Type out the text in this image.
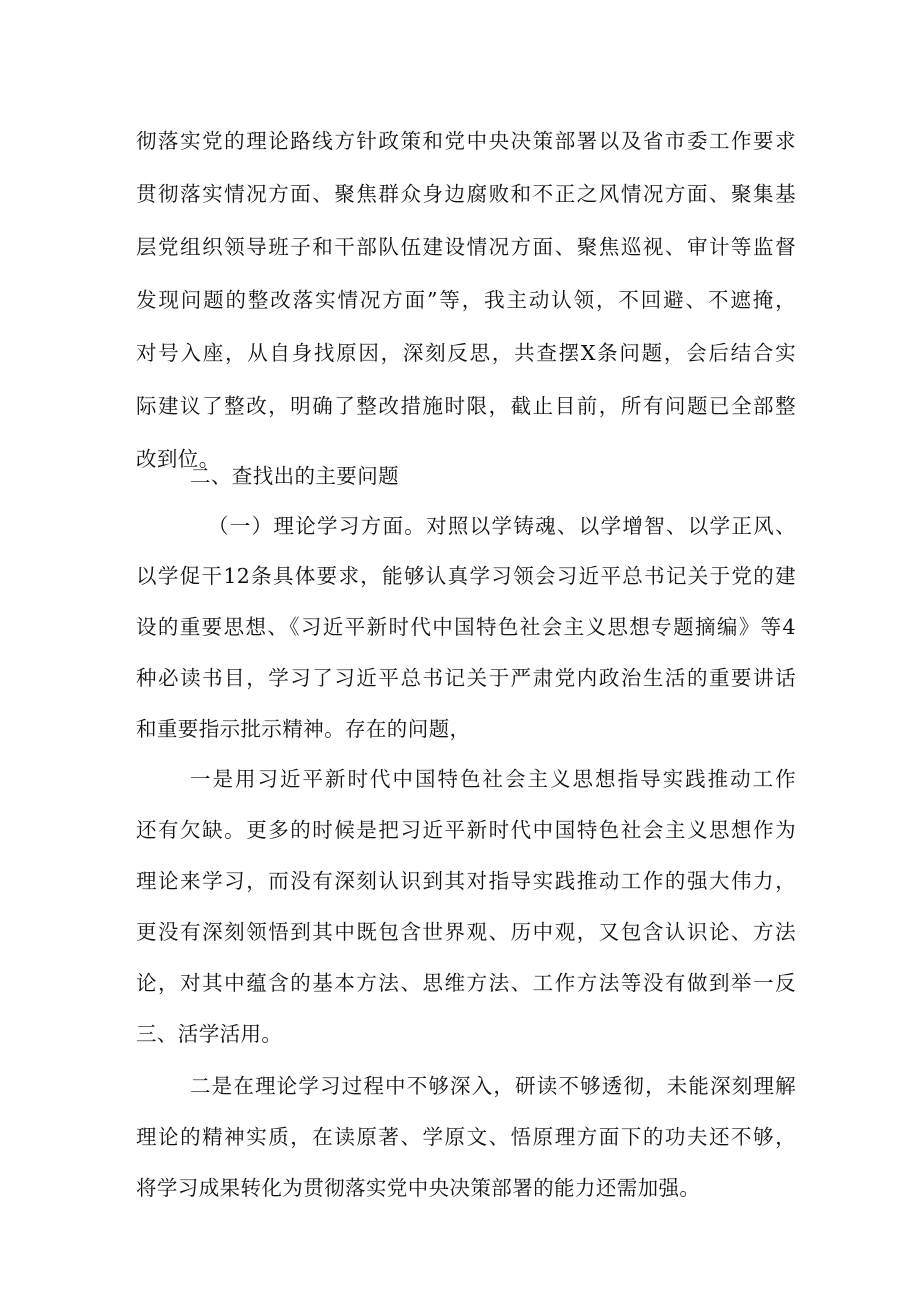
彻落实党的理论路线方针政策和党中央决策部署以及省市委工作要求
贯彻落实情况方面、聚焦群众身边腐败和不正之风情况方面、聚集基
层党组织领导班子和干部队伍建设情况方面、聚焦巡视、审计等监督
发现问题的整改落实情况方面”等，我主动认领，不回避、不遮掩，
对号入座，从自身找原因，深刻反思，共查摆X条问题，会后结合实
际建议了整改，明确了整改措施时限，截止目前，所有问题已全部整
改到位。
二、查找出的主要问题
（一）理论学习方面。对照以学铸魂、以学增智、以学正风、
以学促干12条具体要求，能够认真学习领会习近平总书记关于党的建
设的重要思想、《习近平新时代中国特色社会主义思想专题摘编》等4
种必读书目，学习了习近平总书记关于严肃党内政治生活的重要讲话
和重要指示批示精神。存在的问题，
一是用习近平新时代中国特色社会主义思想指导实践推动工作
还有欠缺。更多的时候是把习近平新时代中国特色社会主义思想作为
理论来学习，而没有深刻认识到其对指导实践推动工作的强大伟力，
更没有深刻领悟到其中既包含世界观、历中观，又包含认识论、方法
论，对其中蕴含的基本方法、思维方法、工作方法等没有做到举一反
三、活学活用。
二是在理论学习过程中不够深入，研读不够透彻，未能深刻理解
理论的精神实质，在读原著、学原文、悟原理方面下的功夫还不够，
将学习成果转化为贯彻落实党中央决策部署的能力还需加强。
